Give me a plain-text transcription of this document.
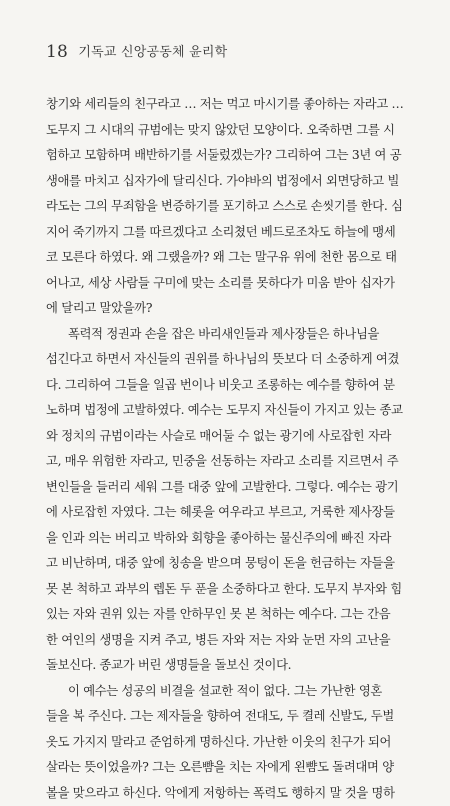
18 기독교 신앙공동체 윤리학
창기와 세리들의 친구라고 … 저는 먹고 마시기를 좋아하는 자라고 …
도무지 그 시대의 규범에는 맞지 않았던 모양이다. 오죽하면 그를 시
험하고 모함하며 배반하기를 서둘렀겠는가? 그리하여 그는 3년 여 공
생애를 마치고 십자가에 달리신다. 가야바의 법정에서 외면당하고 빌
라도는 그의 무죄함을 변증하기를 포기하고 스스로 손씻기를 한다. 심
지어 죽기까지 그를 따르겠다고 소리쳤던 베드로조차도 하늘에 맹세
코 모른다 하였다. 왜 그랬을까? 왜 그는 말구유 위에 천한 몸으로 태
어나고, 세상 사람들 구미에 맞는 소리를 못하다가 미움 받아 십자가
에 달리고 말았을까?
폭력적 정권과 손을 잡은 바리새인들과 제사장들은 하나님을
섬긴다고 하면서 자신들의 권위를 하나님의 뜻보다 더 소중하게 여겼
다. 그리하여 그들을 일곱 번이나 비웃고 조롱하는 예수를 향하여 분
노하며 법정에 고발하였다. 예수는 도무지 자신들이 가지고 있는 종교
와 정치의 규범이라는 사슬로 매어둘 수 없는 광기에 사로잡힌 자라
고, 매우 위험한 자라고, 민중을 선동하는 자라고 소리를 지르면서 주
변인들을 들러리 세워 그를 대중 앞에 고발한다. 그렇다. 예수는 광기
에 사로잡힌 자였다. 그는 헤롯을 여우라고 부르고, 거룩한 제사장들
을 인과 의는 버리고 박하와 회향을 좋아하는 물신주의에 빠진 자라
고 비난하며, 대중 앞에 칭송을 받으며 뭉텅이 돈을 헌금하는 자들을
못 본 척하고 과부의 렙돈 두 푼을 소중하다고 한다. 도무지 부자와 힘
있는 자와 권위 있는 자를 안하무인 못 본 척하는 예수다. 그는 간음
한 여인의 생명을 지켜 주고, 병든 자와 저는 자와 눈먼 자의 고난을
돌보신다. 종교가 버린 생명들을 돌보신 것이다.
이 예수는 성공의 비결을 설교한 적이 없다. 그는 가난한 영혼
들을 복 주신다. 그는 제자들을 향하여 전대도, 두 켤레 신발도, 두벌
옷도 가지지 말라고 준엄하게 명하신다. 가난한 이웃의 친구가 되어
살라는 뜻이었을까? 그는 오른뺨을 치는 자에게 왼뺨도 돌려대며 양
볼을 맞으라고 하신다. 악에게 저항하는 폭력도 행하지 말 것을 명하
